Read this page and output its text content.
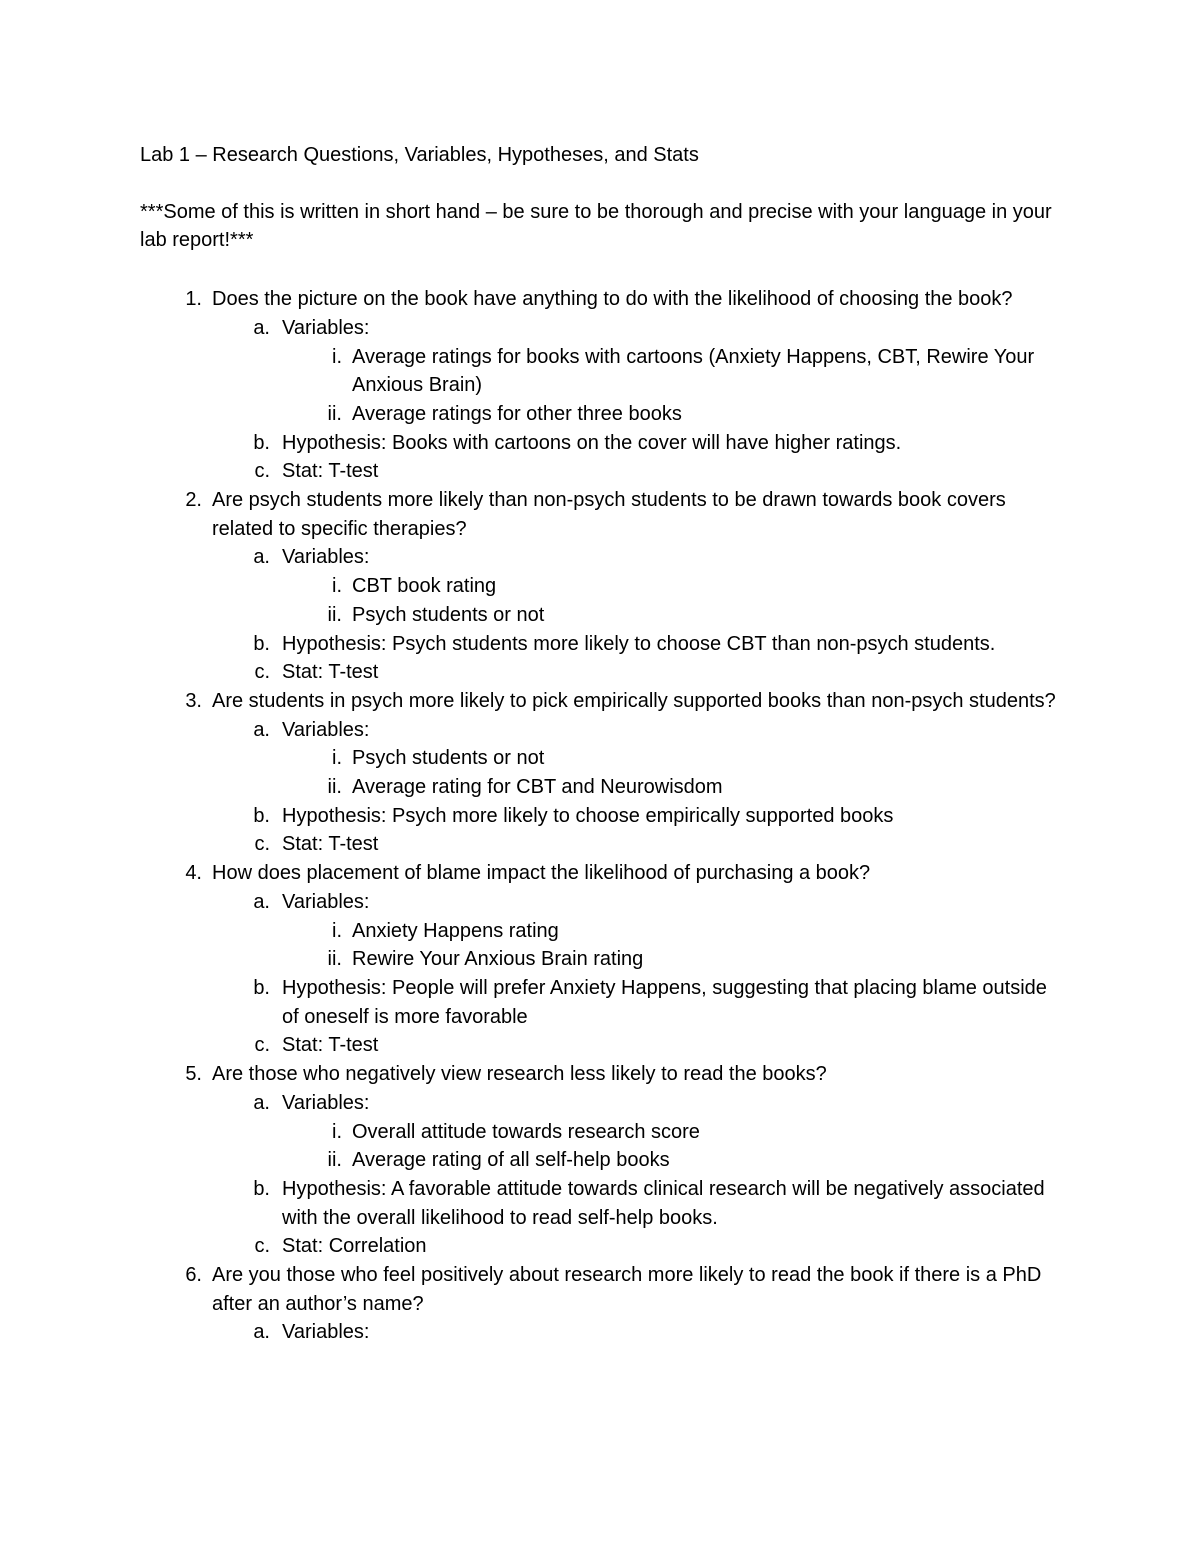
Lab 1 – Research Questions, Variables, Hypotheses, and Stats
***Some of this is written in short hand – be sure to be thorough and precise with your language in your lab report!***
1. Does the picture on the book have anything to do with the likelihood of choosing the book?
a. Variables:
i. Average ratings for books with cartoons (Anxiety Happens, CBT, Rewire Your Anxious Brain)
ii. Average ratings for other three books
b. Hypothesis: Books with cartoons on the cover will have higher ratings.
c. Stat: T-test
2. Are psych students more likely than non-psych students to be drawn towards book covers related to specific therapies?
a. Variables:
i. CBT book rating
ii. Psych students or not
b. Hypothesis: Psych students more likely to choose CBT than non-psych students.
c. Stat: T-test
3. Are students in psych more likely to pick empirically supported books than non-psych students?
a. Variables:
i. Psych students or not
ii. Average rating for CBT and Neurowisdom
b. Hypothesis: Psych more likely to choose empirically supported books
c. Stat: T-test
4. How does placement of blame impact the likelihood of purchasing a book?
a. Variables:
i. Anxiety Happens rating
ii. Rewire Your Anxious Brain rating
b. Hypothesis: People will prefer Anxiety Happens, suggesting that placing blame outside of oneself is more favorable
c. Stat: T-test
5. Are those who negatively view research less likely to read the books?
a. Variables:
i. Overall attitude towards research score
ii. Average rating of all self-help books
b. Hypothesis: A favorable attitude towards clinical research will be negatively associated with the overall likelihood to read self-help books.
c. Stat: Correlation
6. Are you those who feel positively about research more likely to read the book if there is a PhD after an author’s name?
a. Variables:
